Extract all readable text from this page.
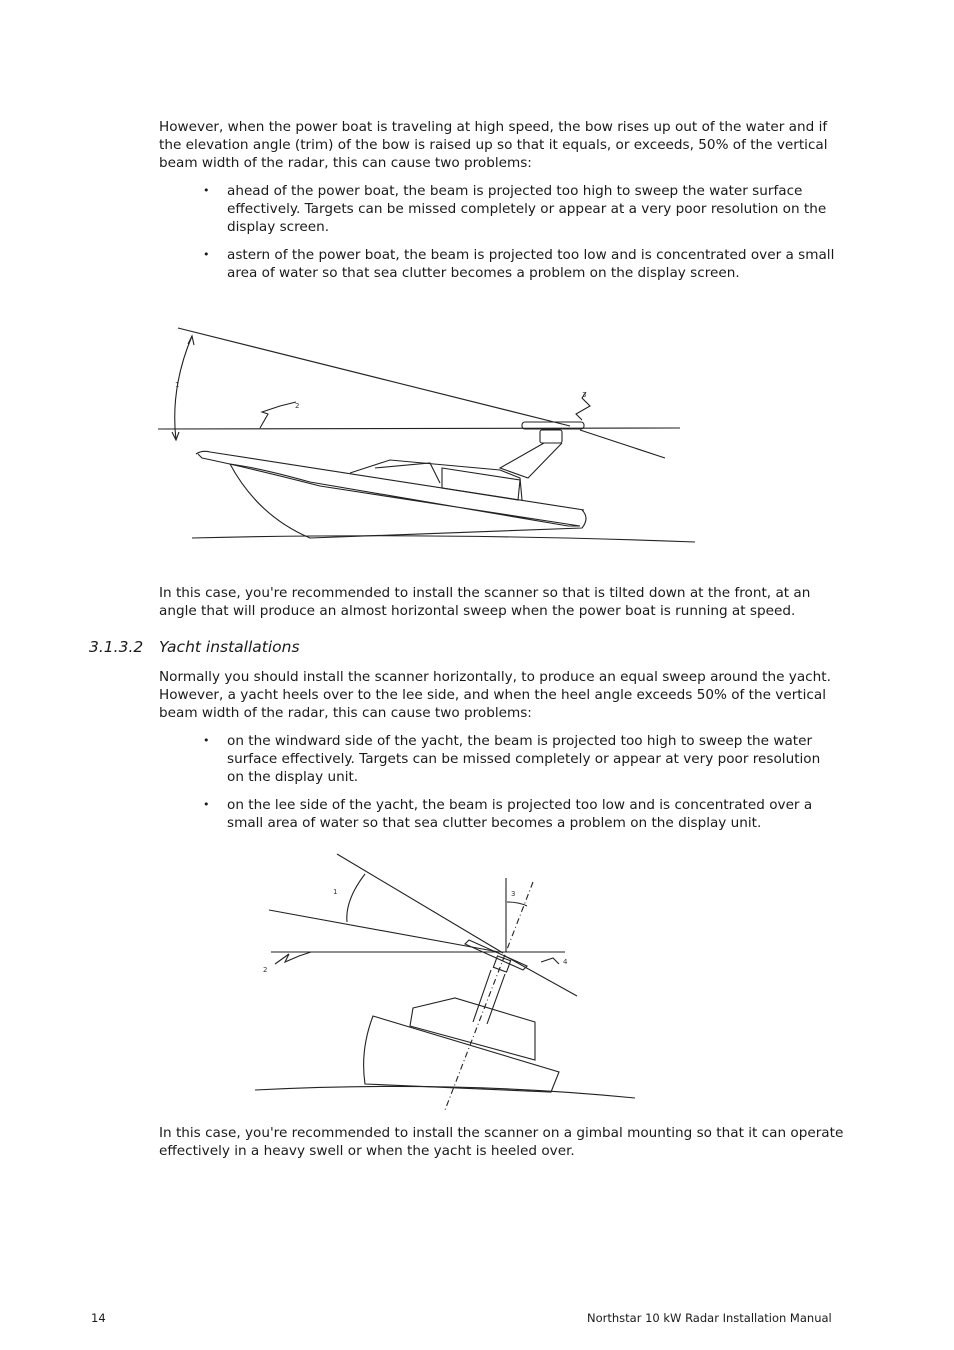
However, when the power boat is traveling at high speed, the bow rises up out of the water and if the elevation angle (trim) of the bow is raised up so that it equals, or exceeds, 50% of the vertical beam width of the radar, this can cause two problems:

•	ahead of the power boat, the beam is projected too high to sweep the water surface effectively. Targets can be missed completely or appear at a very poor resolution on the display screen.
•	astern of the power boat, the beam is projected too low and is concentrated over a small area of water so that sea clutter becomes a problem on the display screen.
1
2
3

In this case, you're recommended to install the scanner so that is tilted down at the front, at an angle that will produce an almost horizontal sweep when the power boat is running at speed.

3.1.3.2 Yacht installations

Normally you should install the scanner horizontally, to produce an equal sweep around the yacht. However, a yacht heels over to the lee side, and when the heel angle exceeds 50% of the vertical beam width of the radar, this can cause two problems:

•	on the windward side of the yacht, the beam is projected too high to sweep the water surface effectively. Targets can be missed completely or appear at very poor resolution on the display unit.
•	on the lee side of the yacht, the beam is projected too low and is concentrated over a small area of water so that sea clutter becomes a problem on the display unit.
1
2
3
4

In this case, you're recommended to install the scanner on a gimbal mounting so that it can operate effectively in a heavy swell or when the yacht is heeled over.

14	Northstar 10 kW Radar Installation Manual
